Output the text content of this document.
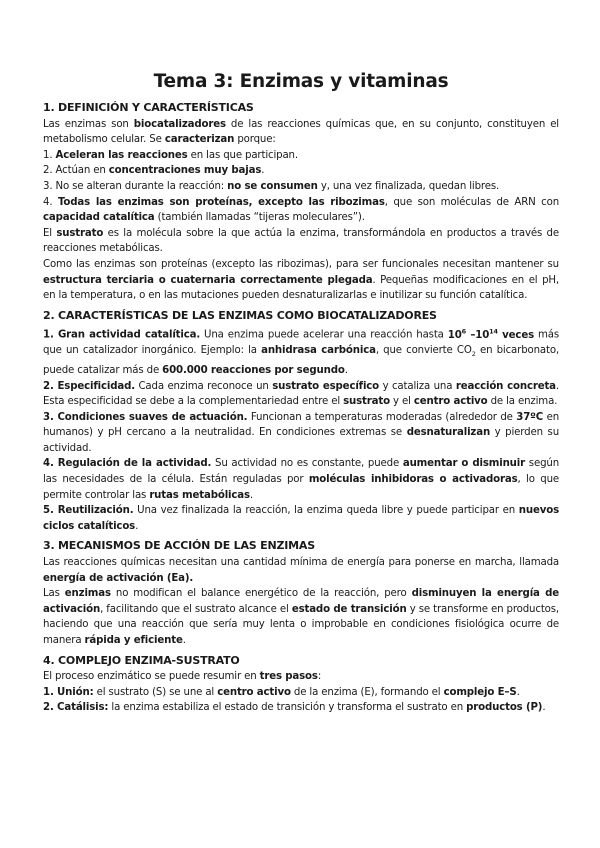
Tema 3: Enzimas y vitaminas
1. DEFINICIÓN Y CARACTERÍSTICAS

Las enzimas son biocatalizadores de las reacciones químicas que, en su conjunto, constituyen el metabolismo celular. Se caracterizan porque:

1. Aceleran las reacciones en las que participan.

2. Actúan en concentraciones muy bajas.

3. No se alteran durante la reacción: no se consumen y, una vez finalizada, quedan libres.

4. Todas las enzimas son proteínas, excepto las ribozimas, que son moléculas de ARN con capacidad catalítica (también llamadas “tijeras moleculares”).

El sustrato es la molécula sobre la que actúa la enzima, transformándola en productos a través de reacciones metabólicas.

Como las enzimas son proteínas (excepto las ribozimas), para ser funcionales necesitan mantener su estructura terciaria o cuaternaria correctamente plegada. Pequeñas modificaciones en el pH, en la temperatura, o en las mutaciones pueden desnaturalizarlas e inutilizar su función catalítica.

2. CARACTERÍSTICAS DE LAS ENZIMAS COMO BIOCATALIZADORES

1. Gran actividad catalítica. Una enzima puede acelerar una reacción hasta $10^6$ $-10^{14}$ veces más que un catalizador inorgánico. Ejemplo: la anhidrasa carbónica, que convierte $CO_2$ en bicarbonato, puede catalizar más de 600.000 reacciones por segundo.

2. Especificidad. Cada enzima reconoce un sustrato específico y cataliza una reacción concreta. Esta especificidad se debe a la complementariedad entre el sustrato y el centro activo de la enzima.

3. Condiciones suaves de actuación. Funcionan a temperaturas moderadas (alrededor de 37ºC en humanos) y pH cercano a la neutralidad. En condiciones extremas se desnaturalizan y pierden su actividad.

4. Regulación de la actividad. Su actividad no es constante, puede aumentar o disminuir según las necesidades de la célula. Están reguladas por moléculas inhibidoras o activadoras, lo que permite controlar las rutas metabólicas.

5. Reutilización. Una vez finalizada la reacción, la enzima queda libre y puede participar en nuevos ciclos catalíticos.

3. MECANISMOS DE ACCIÓN DE LAS ENZIMAS

Las reacciones químicas necesitan una cantidad mínima de energía para ponerse en marcha, llamada energía de activación (Ea).

Las enzimas no modifican el balance energético de la reacción, pero disminuyen la energía de activación, facilitando que el sustrato alcance el estado de transición y se transforme en productos, haciendo que una reacción que sería muy lenta o improbable en condiciones fisiológica ocurre de manera rápida y eficiente.

4. COMPLEJO ENZIMA-SUSTRATO

El proceso enzimático se puede resumir en tres pasos:

1. Unión: el sustrato (S) se une al centro activo de la enzima (E), formando el complejo E–S.

2. Catálisis: la enzima estabiliza el estado de transición y transforma el sustrato en productos (P).
